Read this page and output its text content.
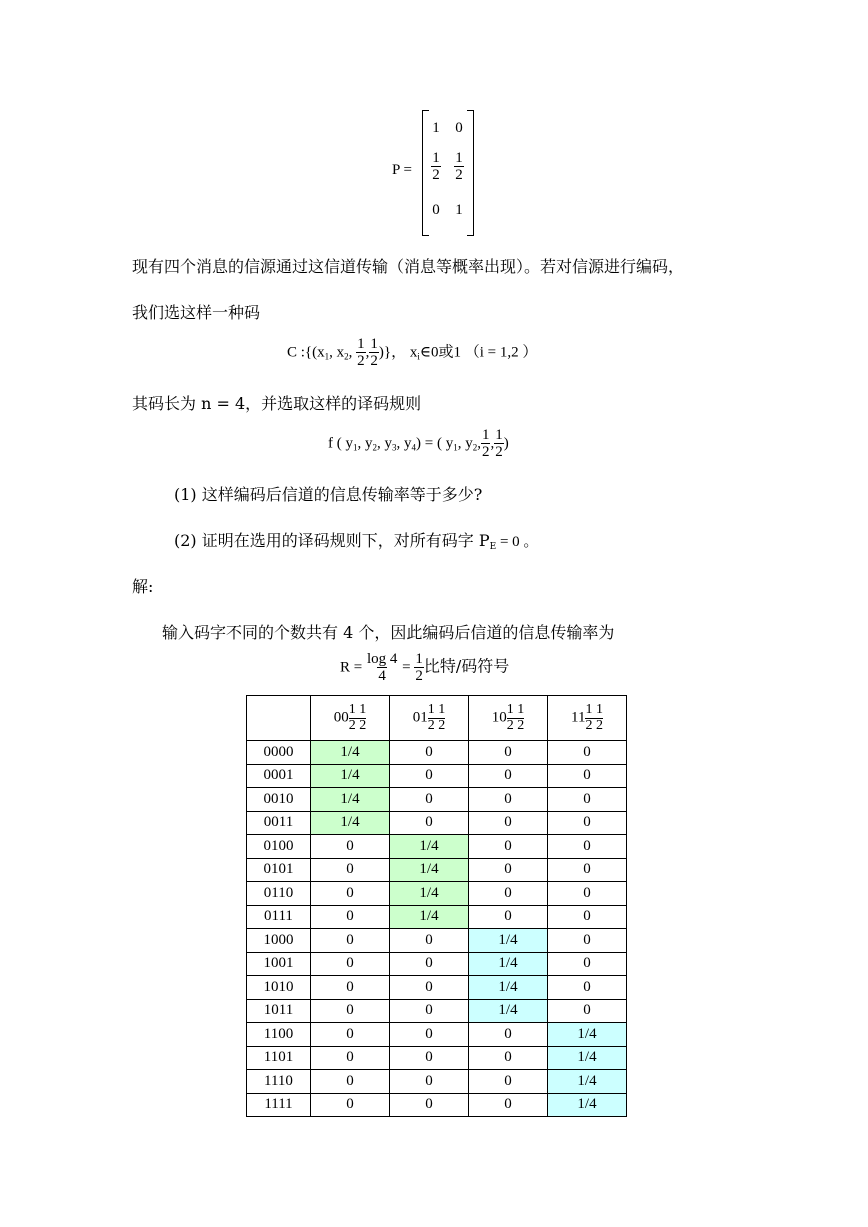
P =
1 0
$\frac{1}{2} \frac{1}{2}$
0 1
现有四个消息的信源通过这信道传输（消息等概率出现）。若对信源进行编码，
我们选这样一种码
C $:\{(x_1$, $x_2$, $\frac{1}{2}$ , $\frac{1}{2}$ )}， $x_i\in 0$或1 （i = 1,2 ）
其码长为 n = 4，并选取这样的译码规则
f ( $y_1$, $y_2$, $y_3$, $y_4$) = ( $y_1$, $y_2$, $\frac{1}{2}$ , $\frac{1}{2}$ )
(1) 这样编码后信道的信息传输率等于多少?
(2) 证明在选用的译码规则下，对所有码字 $P_E = 0$ 。
解:
输入码字不同的个数共有 4 个，因此编码后信道的信息传输率为
$R = \frac{\log 4}{4} = \frac{1}{2}$ 比特/码符号
	$00 \frac{1 1}{2 2}$	$01 \frac{1 1}{2 2}$	$10 \frac{1 1}{2 2}$	$11 \frac{1 1}{2 2}$

0000	1/4	0	0	0
0001	1/4	0	0	0
0010	1/4	0	0	0
0011	1/4	0	0	0
0100	0	1/4	0	0
0101	0	1/4	0	0
0110	0	1/4	0	0
0111	0	1/4	0	0
1000	0	0	1/4	0
1001	0	0	1/4	0
1010	0	0	1/4	0
1011	0	0	1/4	0
1100	0	0	0	1/4
1101	0	0	0	1/4
1110	0	0	0	1/4
1111	0	0	0	1/4
